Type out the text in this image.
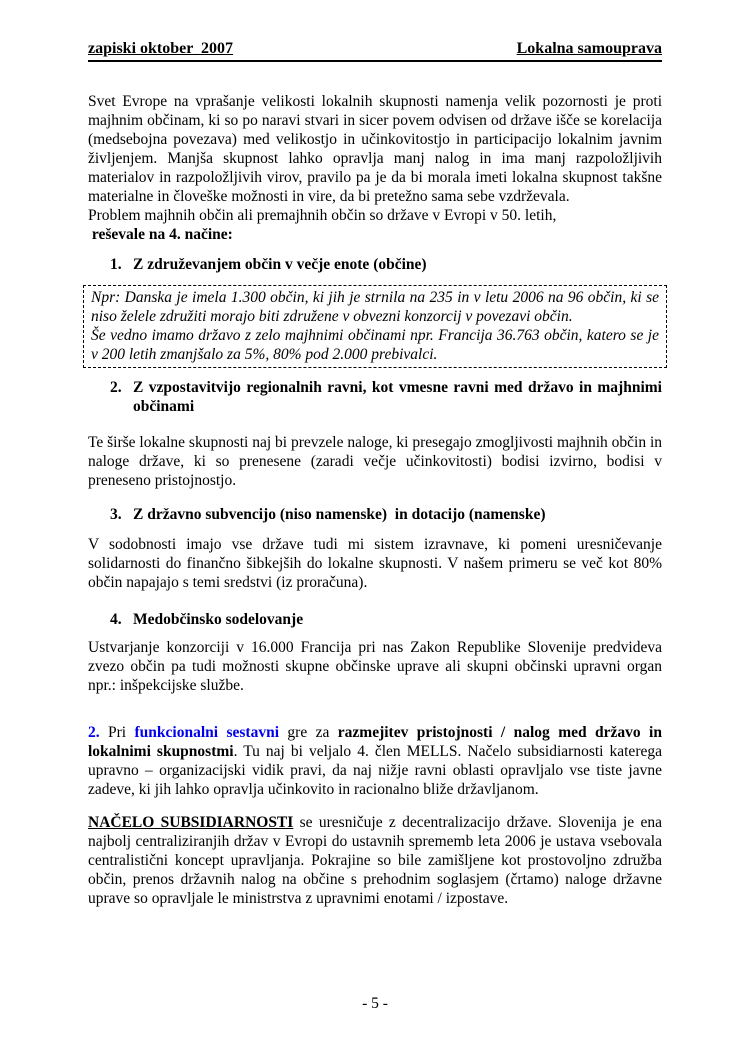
zapiski oktober  2007	Lokalna samouprava

Svet Evrope na vprašanje velikosti lokalnih skupnosti namenja velik pozornosti je proti majhnim občinam, ki so po naravi stvari in sicer povem odvisen od države išče se korelacija (medsebojna povezava) med velikostjo in učinkovitostjo in participacijo lokalnim javnim življenjem. Manjša skupnost lahko opravlja manj nalog in ima manj razpoložljivih materialov in razpoložljivih virov, pravilo pa je da bi morala imeti lokalna skupnost takšne materialne in človeške možnosti in vire, da bi pretežno sama sebe vzdrževala.
Problem majhnih občin ali premajhnih občin so države v Evropi v 50. letih,
reševale na 4. načine:

1. Z združevanjem občin v večje enote (občine)
Npr: Danska je imela 1.300 občin, ki jih je strnila na 235 in v letu 2006 na 96 občin, ki se niso želele združiti morajo biti združene v obvezni konzorcij v povezavi občin.
Še vedno imamo državo z zelo majhnimi občinami npr. Francija 36.763 občin, katero se je v 200 letih zmanjšalo za 5%, 80% pod 2.000 prebivalci.
2. Z vzpostavitvijo regionalnih ravni, kot vmesne ravni med državo in majhnimi občinami

Te širše lokalne skupnosti naj bi prevzele naloge, ki presegajo zmogljivosti majhnih občin in naloge države, ki so prenesene (zaradi večje učinkovitosti) bodisi izvirno, bodisi v preneseno pristojnostjo.

3. Z državno subvencijo (niso namenske)  in dotacijo (namenske)

V sodobnosti imajo vse države tudi mi sistem izravnave, ki pomeni uresničevanje solidarnosti do finančno šibkejših do lokalne skupnosti. V našem primeru se več kot 80% občin napajajo s temi sredstvi (iz proračuna).

4. Medobčinsko sodelovanje

Ustvarjanje konzorciji v 16.000 Francija pri nas Zakon Republike Slovenije predvideva zvezo občin pa tudi možnosti skupne občinske uprave ali skupni občinski upravni organ npr.: inšpekcijske službe.

2. Pri funkcionalni sestavni gre za razmejitev pristojnosti / nalog med državo in lokalnimi skupnostmi. Tu naj bi veljalo 4. člen MELLS. Načelo subsidiarnosti katerega upravno – organizacijski vidik pravi, da naj nižje ravni oblasti opravljalo vse tiste javne zadeve, ki jih lahko opravlja učinkovito in racionalno bliže državljanom.

NAČELO SUBSIDIARNOSTI se uresničuje z decentralizacijo države. Slovenija je ena najbolj centraliziranjih držav v Evropi do ustavnih sprememb leta 2006 je ustava vsebovala centralistični koncept upravljanja. Pokrajine so bile zamišljene kot prostovoljno združba občin, prenos državnih nalog na občine s prehodnim soglasjem (črtamo) naloge državne uprave so opravljale le ministrstva z upravnimi enotami / izpostave.

- 5 -
